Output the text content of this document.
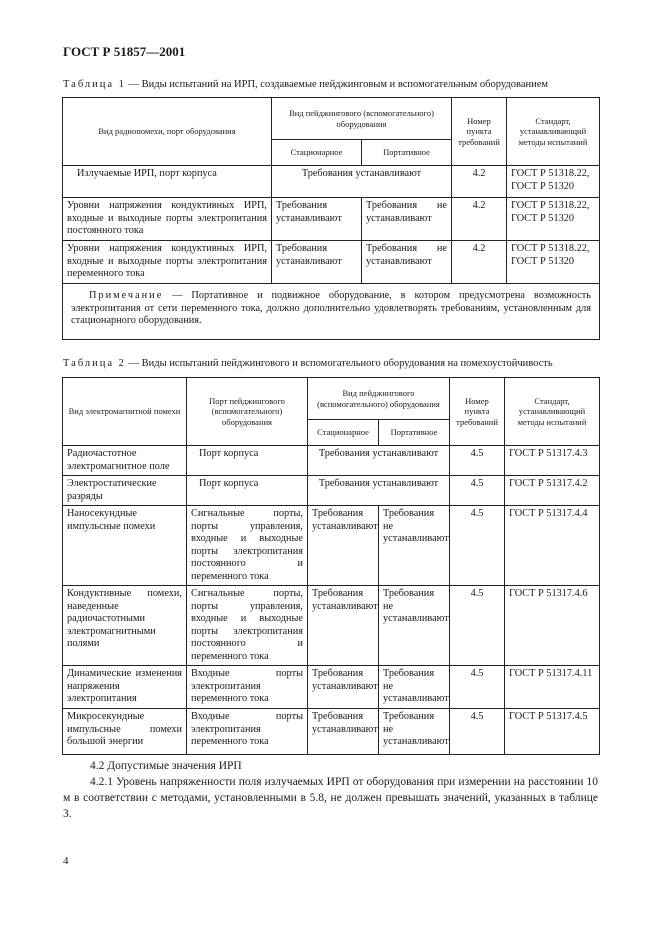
ГОСТ Р 51857—2001
Таблица 1 — Виды испытаний на ИРП, создаваемые пейджинговым и вспомогательным оборудованием
Вид радиопомехи, порт оборудования	Вид пейджингового (вспомогательного) оборудования		Номер пункта требований	Стандарт, устанавливающий методы испытаний
	Стационарное	Портативное		
Излучаемые ИРП, порт корпуса	Требования устанавливают		4.2	ГОСТ Р 51318.22, ГОСТ Р 51320
Уровни напряжения кондуктивных ИРП, входные и выходные порты электропитания постоянного тока	Требования устанавливают	Требования не устанавливают	4.2	ГОСТ Р 51318.22, ГОСТ Р 51320
Уровни напряжения кондуктивных ИРП, входные и выходные порты электропитания переменного тока	Требования устанавливают	Требования не устанавливают	4.2	ГОСТ Р 51318.22, ГОСТ Р 51320
Примечание — Портативное и подвижное оборудование, в котором предусмотрена возможность электропитания от сети переменного тока, должно дополнительно удовлетворять требованиям, установленным для стационарного оборудования.				
Таблица 2 — Виды испытаний пейджингового и вспомогательного оборудования на помехоустойчивость
Вид электромагнитной помехи	Порт пейджингового (вспомогательного) оборудования	Вид пейджингового (вспомогательного) оборудования		Номер пункта требований	Стандарт, устанавливающий методы испытаний
		Стационарное	Портативное		
Радиочастотное электромагнитное поле	Порт корпуса	Требования устанавливают		4.5	ГОСТ Р 51317.4.3
Электростатические разряды	Порт корпуса	Требования устанавливают		4.5	ГОСТ Р 51317.4.2
Наносекундные импульсные помехи	Сигнальные порты, порты управления, входные и выходные порты электропитания постоянного и переменного тока	Требования устанавливают	Требования не устанавливают	4.5	ГОСТ Р 51317.4.4
Кондуктивные помехи, наведенные радиочастотными электромагнитными полями	Сигнальные порты, порты управления, входные и выходные порты электропитания постоянного и переменного тока	Требования устанавливают	Требования не устанавливают	4.5	ГОСТ Р 51317.4.6
Динамические изменения напряжения электропитания	Входные порты электропитания переменного тока	Требования устанавливают	Требования не устанавливают	4.5	ГОСТ Р 51317.4.11
Микросекундные импульсные помехи большой энергии	Входные порты электропитания переменного тока	Требования устанавливают	Требования не устанавливают	4.5	ГОСТ Р 51317.4.5
4.2 Допустимые значения ИРП
4.2.1 Уровень напряженности поля излучаемых ИРП от оборудования при измерении на расстоянии 10 м в соответствии с методами, установленными в 5.8, не должен превышать значений, указанных в таблице 3.
4
